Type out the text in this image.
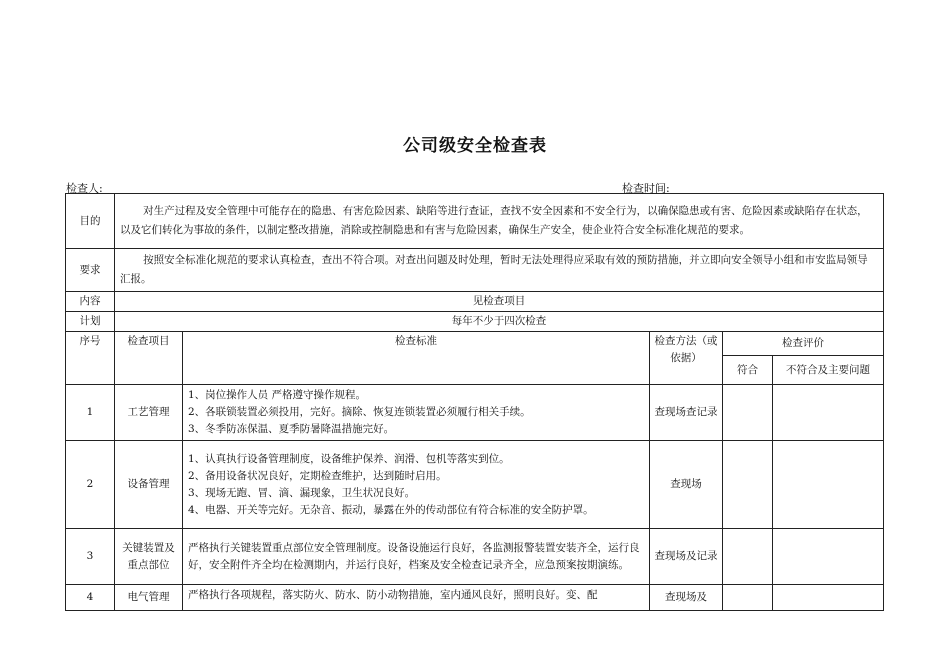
公司级安全检查表
检查人:	检查时间:
目的	对生产过程及安全管理中可能存在的隐患、有害危险因素、缺陷等进行查证，查找不安全因素和不安全行为，以确保隐患或有害、危险因素或缺陷存在状态，以及它们转化为事故的条件，以制定整改措施，消除或控制隐患和有害与危险因素，确保生产安全，使企业符合安全标准化规范的要求。				
要求	按照安全标准化规范的要求认真检查，查出不符合项。对查出问题及时处理，暂时无法处理得应采取有效的预防措施，并立即向安全领导小组和市安监局领导汇报。				
内容	见检查项目				
计划	每年不少于四次检查				
序号	检查项目	检查标准	检查方法（或依据）	检查评价	
				符合	不符合及主要问题
1	工艺管理	1、岗位操作人员 严格遵守操作规程。
2、各联锁装置必须投用，完好。摘除、恢复连锁装置必须履行相关手续。
3、冬季防冻保温、夏季防暑降温措施完好。	查现场查记录		
2	设备管理	1、认真执行设备管理制度，设备维护保养、润滑、包机等落实到位。
2、备用设备状况良好，定期检查维护，达到随时启用。
3、现场无跑、冒、滴、漏现象，卫生状况良好。
4、电器、开关等完好。无杂音、振动，暴露在外的传动部位有符合标准的安全防护罩。	查现场		
3	关键装置及重点部位	严格执行关键装置重点部位安全管理制度。设备设施运行良好，各监测报警装置安装齐全，运行良好，安全附件齐全均在检测期内，并运行良好，档案及安全检查记录齐全，应急预案按期演练。	查现场及记录		
4	电气管理	严格执行各项规程，落实防火、防水、防小动物措施，室内通风良好，照明良好。变、配	查现场及		
